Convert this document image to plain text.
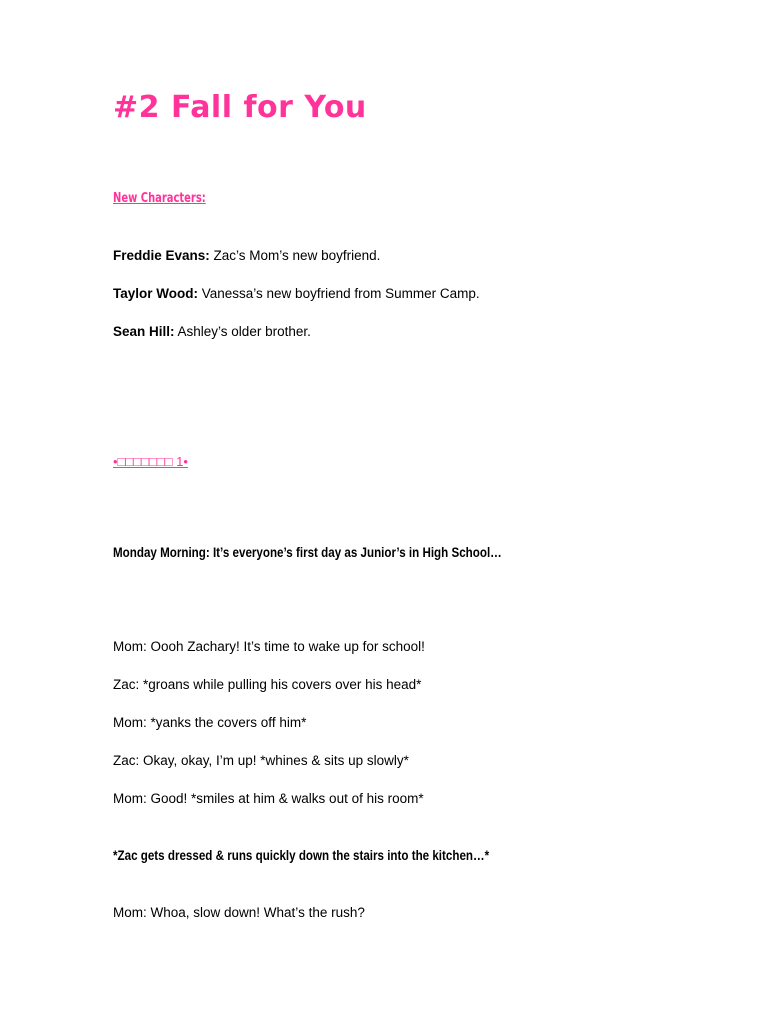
#2 Fall for You

New Characters:

Freddie Evans: Zac’s Mom’s new boyfriend.

Taylor Wood: Vanessa’s new boyfriend from Summer Camp.

Sean Hill: Ashley’s older brother.

•□□□□□□□ 1•

Monday Morning: It’s everyone’s first day as Junior’s in High School…

Mom: Oooh Zachary! It’s time to wake up for school!

Zac: *groans while pulling his covers over his head*

Mom: *yanks the covers off him*

Zac: Okay, okay, I’m up! *whines & sits up slowly*

Mom: Good! *smiles at him & walks out of his room*

*Zac gets dressed & runs quickly down the stairs into the kitchen…*

Mom: Whoa, slow down! What’s the rush?
